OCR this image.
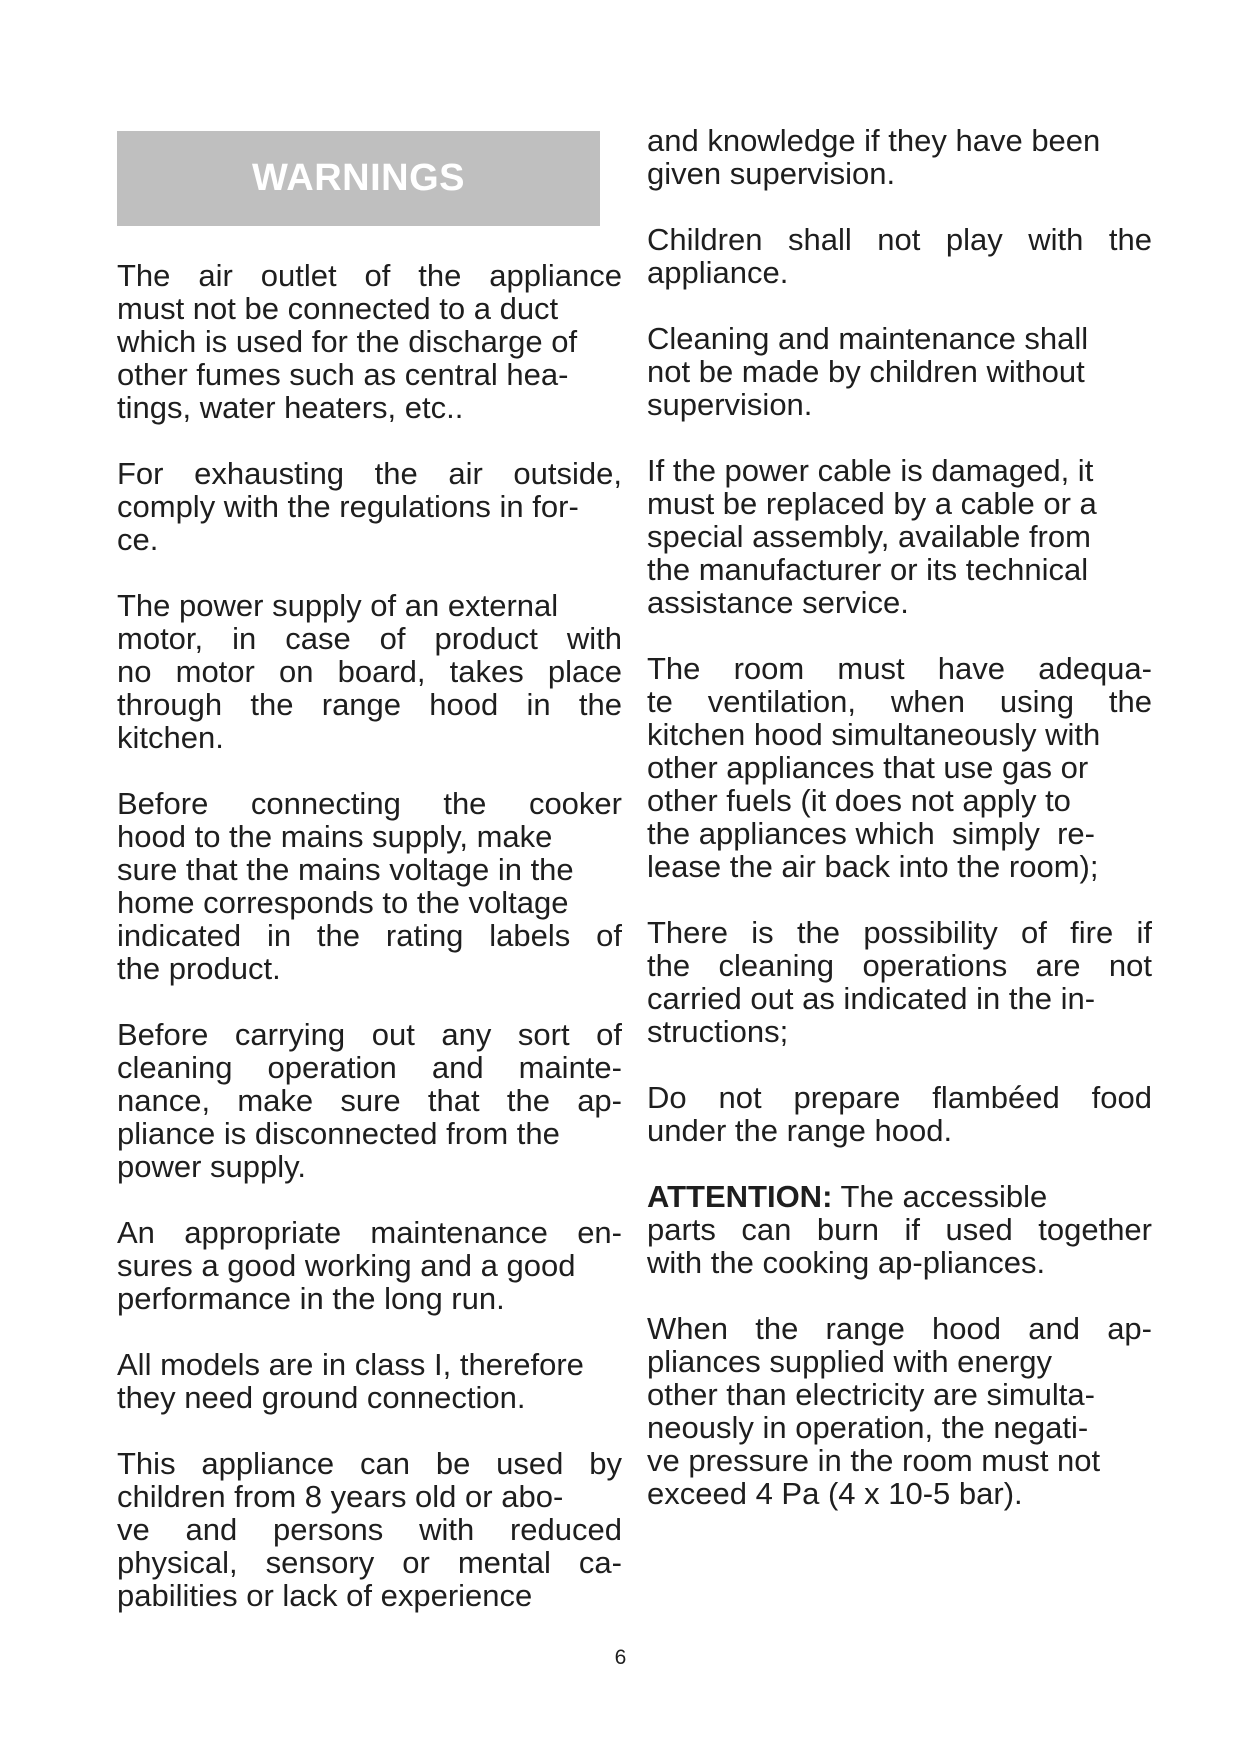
WARNINGS
The air outlet of the appliance
must not be connected to a duct
which is used for the discharge of
other fumes such as central hea-
tings, water heaters, etc..
For exhausting the air outside,
comply with the regulations in for-
ce.
The power supply of an external
motor, in case of product with
no motor on board, takes place
through the range hood in the
kitchen.
Before connecting the cooker
hood to the mains supply, make
sure that the mains voltage in the
home corresponds to the voltage
indicated in the rating labels of
the product.
Before carrying out any sort of
cleaning operation and mainte-
nance, make sure that the ap-
pliance is disconnected from the
power supply.
An appropriate maintenance en-
sures a good working and a good
performance in the long run.
All models are in class I, therefore
they need ground connection.
This appliance can be used by
children from 8 years old or abo-
ve and persons with reduced
physical, sensory or mental ca-
pabilities or lack of experience
and knowledge if they have been
given supervision.
Children shall not play with the
appliance.
Cleaning and maintenance shall
not be made by children without
supervision.
If the power cable is damaged, it
must be replaced by a cable or a
special assembly, available from
the manufacturer or its technical
assistance service.
The room must have adequa-
te ventilation, when using the
kitchen hood simultaneously with
other appliances that use gas or
other fuels (it does not apply to
the appliances which  simply  re-
lease the air back into the room);
There is the possibility of fire if
the cleaning operations are not
carried out as indicated in the in-
structions;
Do not prepare flambéed food
under the range hood.
ATTENTION: The accessible
parts can burn if used together
with the cooking ap-pliances.
When the range hood and ap-
pliances supplied with energy
other than electricity are simulta-
neously in operation, the negati-
ve pressure in the room must not
exceed 4 Pa (4 x 10-5 bar).
6
